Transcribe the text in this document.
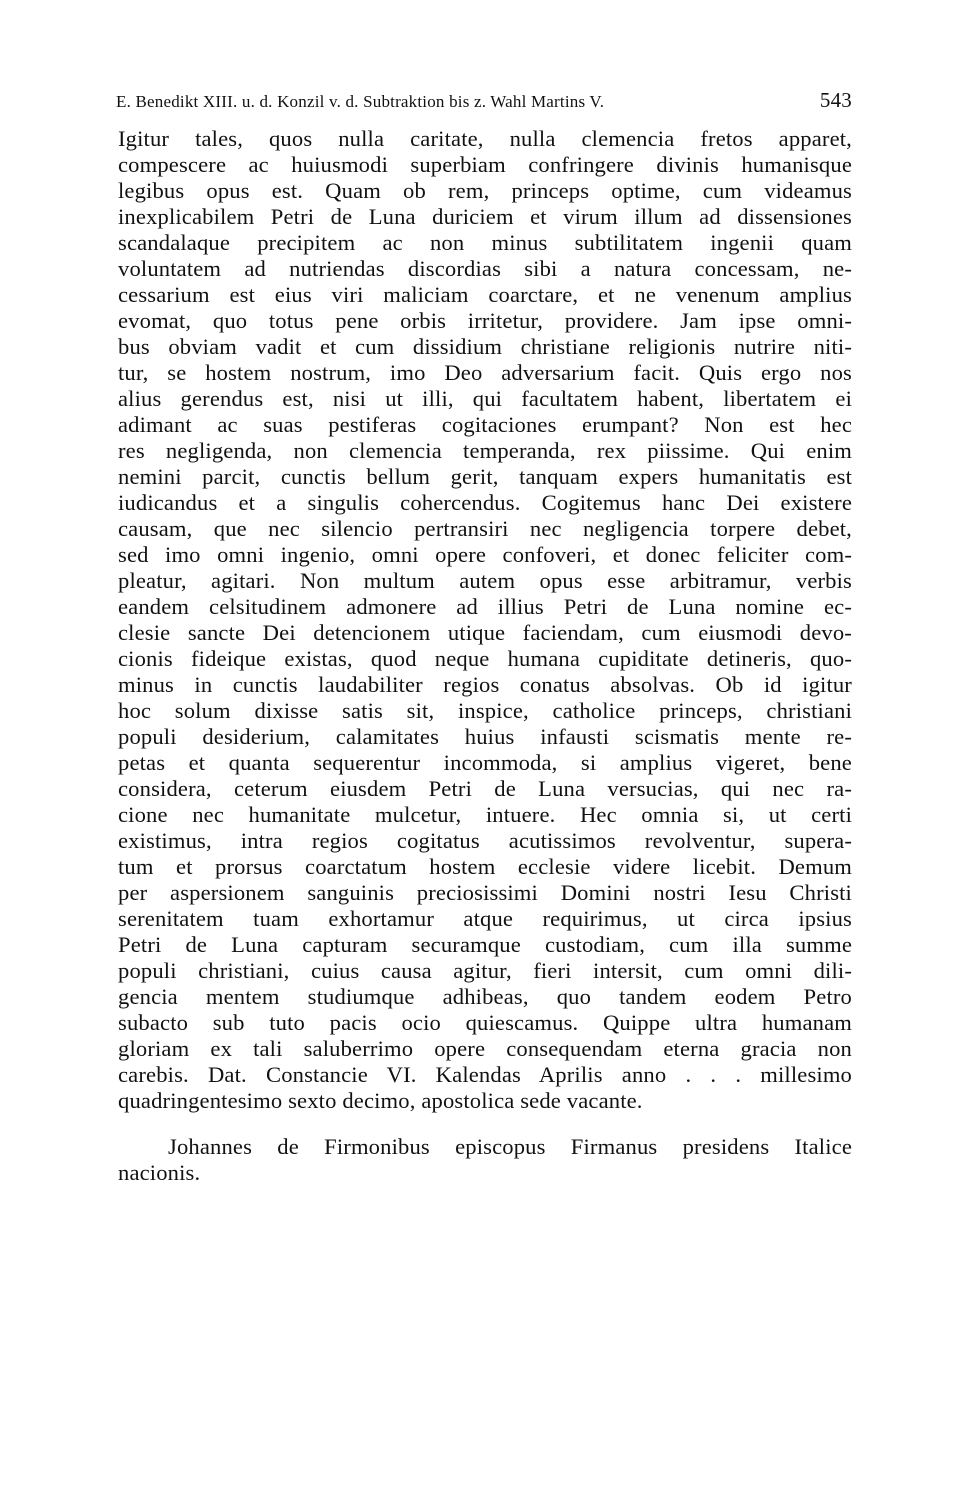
E. Benedikt XIII. u. d. Konzil v. d. Subtraktion bis z. Wahl Martins V.	543
Igitur tales, quos nulla caritate, nulla clemencia fretos apparet,
compescere ac huiusmodi superbiam confringere divinis humanisque
legibus opus est. Quam ob rem, princeps optime, cum videamus
inexplicabilem Petri de Luna duriciem et virum illum ad dissensiones
scandalaque precipitem ac non minus subtilitatem ingenii quam
voluntatem ad nutriendas discordias sibi a natura concessam, ne-
cessarium est eius viri maliciam coarctare, et ne venenum amplius
evomat, quo totus pene orbis irritetur, providere. Jam ipse omni-
bus obviam vadit et cum dissidium christiane religionis nutrire niti-
tur, se hostem nostrum, imo Deo adversarium facit. Quis ergo nos
alius gerendus est, nisi ut illi, qui facultatem habent, libertatem ei
adimant ac suas pestiferas cogitaciones erumpant? Non est hec
res negligenda, non clemencia temperanda, rex piissime. Qui enim
nemini parcit, cunctis bellum gerit, tanquam expers humanitatis est
iudicandus et a singulis cohercendus. Cogitemus hanc Dei existere
causam, que nec silencio pertransiri nec negligencia torpere debet,
sed imo omni ingenio, omni opere confoveri, et donec feliciter com-
pleatur, agitari. Non multum autem opus esse arbitramur, verbis
eandem celsitudinem admonere ad illius Petri de Luna nomine ec-
clesie sancte Dei detencionem utique faciendam, cum eiusmodi devo-
cionis fideique existas, quod neque humana cupiditate detineris, quo-
minus in cunctis laudabiliter regios conatus absolvas. Ob id igitur
hoc solum dixisse satis sit, inspice, catholice princeps, christiani
populi desiderium, calamitates huius infausti scismatis mente re-
petas et quanta sequerentur incommoda, si amplius vigeret, bene
considera, ceterum eiusdem Petri de Luna versucias, qui nec ra-
cione nec humanitate mulcetur, intuere. Hec omnia si, ut certi
existimus, intra regios cogitatus acutissimos revolventur, supera-
tum et prorsus coarctatum hostem ecclesie videre licebit. Demum
per aspersionem sanguinis preciosissimi Domini nostri Iesu Christi
serenitatem tuam exhortamur atque requirimus, ut circa ipsius
Petri de Luna capturam securamque custodiam, cum illa summe
populi christiani, cuius causa agitur, fieri intersit, cum omni dili-
gencia mentem studiumque adhibeas, quo tandem eodem Petro
subacto sub tuto pacis ocio quiescamus. Quippe ultra humanam
gloriam ex tali saluberrimo opere consequendam eterna gracia non
carebis. Dat. Constancie VI. Kalendas Aprilis anno . . . millesimo
quadringentesimo sexto decimo, apostolica sede vacante.
Johannes de Firmonibus episcopus Firmanus presidens Italice
nacionis.
